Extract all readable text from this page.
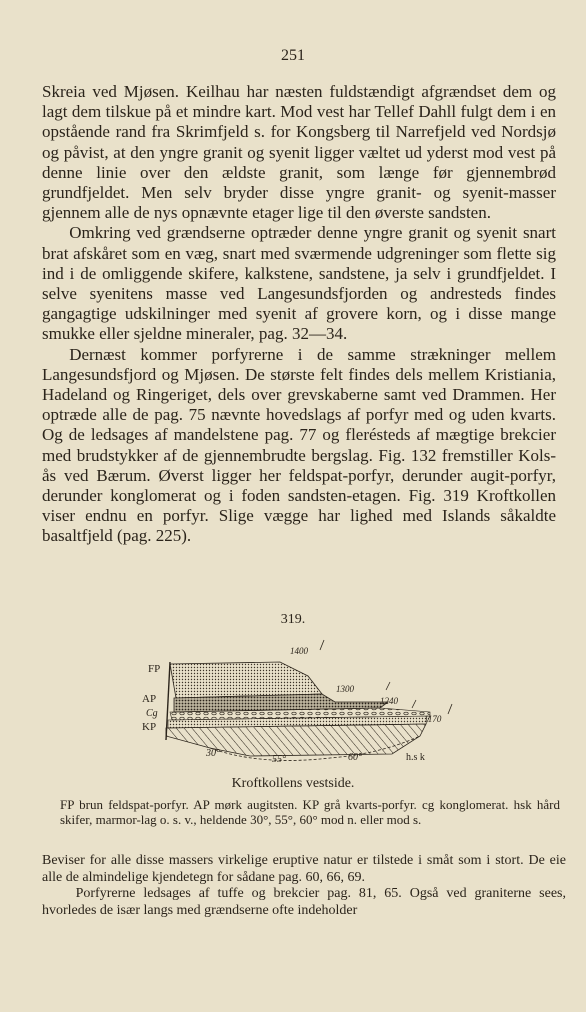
251

Skreia ved Mjøsen. Keilhau har næsten fuldstændigt afgrændset dem og lagt dem tilskue på et mindre kart. Mod vest har Tellef Dahll fulgt dem i en opstående rand fra Skrimfjeld s. for Kongsberg til Narrefjeld ved Nordsjø og påvist, at den yngre granit og syenit ligger væltet ud yderst mod vest på denne linie over den ældste granit, som længe før gjennembrød grundfjeldet. Men selv bryder disse yngre granit- og syenit-masser gjennem alle de nys opnævnte etager lige til den øverste sandsten.

Omkring ved grændserne optræder denne yngre granit og syenit snart brat afskåret som en væg, snart med sværmende udgreninger som flette sig ind i de omliggende skifere, kalkstene, sandstene, ja selv i grundfjeldet. I selve syenitens masse ved Langesundsfjorden og andresteds findes gangagtige udskilninger med syenit af grovere korn, og i disse mange smukke eller sjeldne mineraler, pag. 32—34.

Dernæst kommer porfyrerne i de samme strækninger mellem Langesundsfjord og Mjøsen. De største felt findes dels mellem Kristiania, Hadeland og Ringeriget, dels over grevskaberne samt ved Drammen. Her optræde alle de pag. 75 nævnte hovedslags af porfyr med og uden kvarts. Og de ledsages af mandelstene pag. 77 og flerésteds af mægtige brekcier med brudstykker af de gjennembrudte bergslag. Fig. 132 fremstiller Kols-ås ved Bærum. Øverst ligger her feldspat-porfyr, derunder augit-porfyr, derunder konglomerat og i foden sandsten-etagen. Fig. 319 Kroftkollen viser endnu en porfyr. Slige vægge har lighed med Islands såkaldte basaltfjeld (pag. 225).

319.
1400
1300
1240
1170
FP
AP
Cg
KP
30°
55°	60°	h.s k
Kroftkollens vestside.

FP brun feldspat-porfyr. AP mørk augitsten. KP grå kvarts-porfyr. cg konglomerat. hsk hård skifer, marmor-lag o. s. v., heldende 30°, 55°, 60° mod n. eller mod s.

Beviser for alle disse massers virkelige eruptive natur er tilstede i småt som i stort. De eie alle de almindelige kjendetegn for sådane pag. 60, 66, 69.

Porfyrerne ledsages af tuffe og brekcier pag. 81, 65. Også ved graniterne sees, hvorledes de især langs med grændserne ofte indeholder
